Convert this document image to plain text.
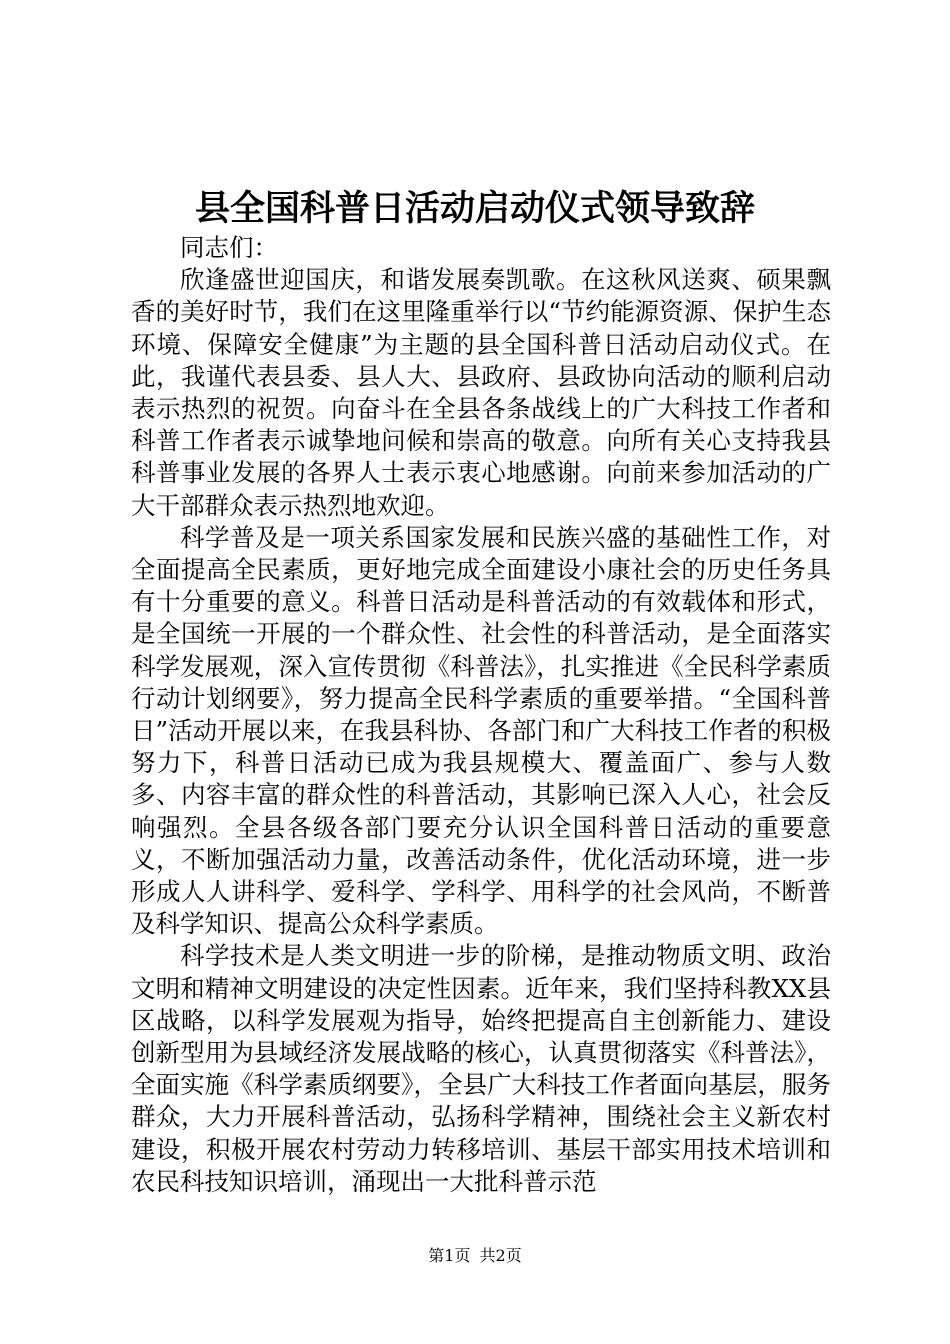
县全国科普日活动启动仪式领导致辞

同志们：

欣逢盛世迎国庆，和谐发展奏凯歌。在这秋风送爽、硕果飘香的美好时节，我们在这里隆重举行以“节约能源资源、保护生态环境、保障安全健康”为主题的县全国科普日活动启动仪式。在此，我谨代表县委、县人大、县政府、县政协向活动的顺利启动表示热烈的祝贺。向奋斗在全县各条战线上的广大科技工作者和科普工作者表示诚挚地问候和崇高的敬意。向所有关心支持我县科普事业发展的各界人士表示衷心地感谢。向前来参加活动的广大干部群众表示热烈地欢迎。

科学普及是一项关系国家发展和民族兴盛的基础性工作，对全面提高全民素质，更好地完成全面建设小康社会的历史任务具有十分重要的意义。科普日活动是科普活动的有效载体和形式，是全国统一开展的一个群众性、社会性的科普活动，是全面落实科学发展观，深入宣传贯彻《科普法》，扎实推进《全民科学素质行动计划纲要》，努力提高全民科学素质的重要举措。“全国科普日”活动开展以来，在我县科协、各部门和广大科技工作者的积极努力下，科普日活动已成为我县规模大、覆盖面广、参与人数多、内容丰富的群众性的科普活动，其影响已深入人心，社会反响强烈。全县各级各部门要充分认识全国科普日活动的重要意义，不断加强活动力量，改善活动条件，优化活动环境，进一步形成人人讲科学、爱科学、学科学、用科学的社会风尚，不断普及科学知识、提高公众科学素质。

科学技术是人类文明进一步的阶梯，是推动物质文明、政治文明和精神文明建设的决定性因素。近年来，我们坚持科教XX县区战略，以科学发展观为指导，始终把提高自主创新能力、建设创新型用为县域经济发展战略的核心，认真贯彻落实《科普法》，全面实施《科学素质纲要》，全县广大科技工作者面向基层，服务群众，大力开展科普活动，弘扬科学精神，围绕社会主义新农村建设，积极开展农村劳动力转移培训、基层干部实用技术培训和农民科技知识培训，涌现出一大批科普示范

第1页 共2页
